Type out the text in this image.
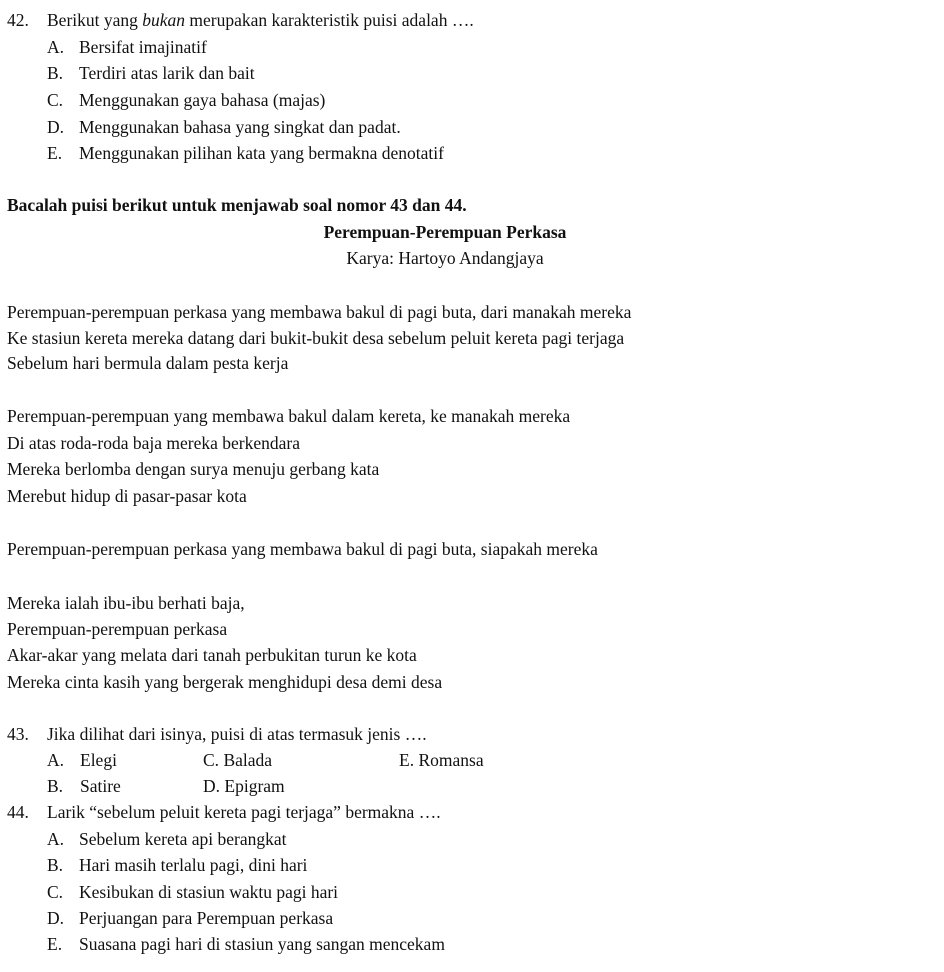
42. Berikut yang bukan merupakan karakteristik puisi adalah ….
A. Bersifat imajinatif
B. Terdiri atas larik dan bait
C. Menggunakan gaya bahasa (majas)
D. Menggunakan bahasa yang singkat dan padat.
E. Menggunakan pilihan kata yang bermakna denotatif
Bacalah puisi berikut untuk menjawab soal nomor 43 dan 44.
Perempuan-Perempuan Perkasa
Karya: Hartoyo Andangjaya
Perempuan-perempuan perkasa yang membawa bakul di pagi buta, dari manakah mereka
Ke stasiun kereta mereka datang dari bukit-bukit desa sebelum peluit kereta pagi terjaga
Sebelum hari bermula dalam pesta kerja
Perempuan-perempuan yang membawa bakul dalam kereta, ke manakah mereka
Di atas roda-roda baja mereka berkendara
Mereka berlomba dengan surya menuju gerbang kata
Merebut hidup di pasar-pasar kota
Perempuan-perempuan perkasa yang membawa bakul di pagi buta, siapakah mereka
Mereka ialah ibu-ibu berhati baja,
Perempuan-perempuan perkasa
Akar-akar yang melata dari tanah perbukitan turun ke kota
Mereka cinta kasih yang bergerak menghidupi desa demi desa
43. Jika dilihat dari isinya, puisi di atas termasuk jenis ….
A. Elegi	C. Balada	E. Romansa
B. Satire	D. Epigram
44. Larik “sebelum peluit kereta pagi terjaga” bermakna ….
A. Sebelum kereta api berangkat
B. Hari masih terlalu pagi, dini hari
C. Kesibukan di stasiun waktu pagi hari
D. Perjuangan para Perempuan perkasa
E. Suasana pagi hari di stasiun yang sangan mencekam
